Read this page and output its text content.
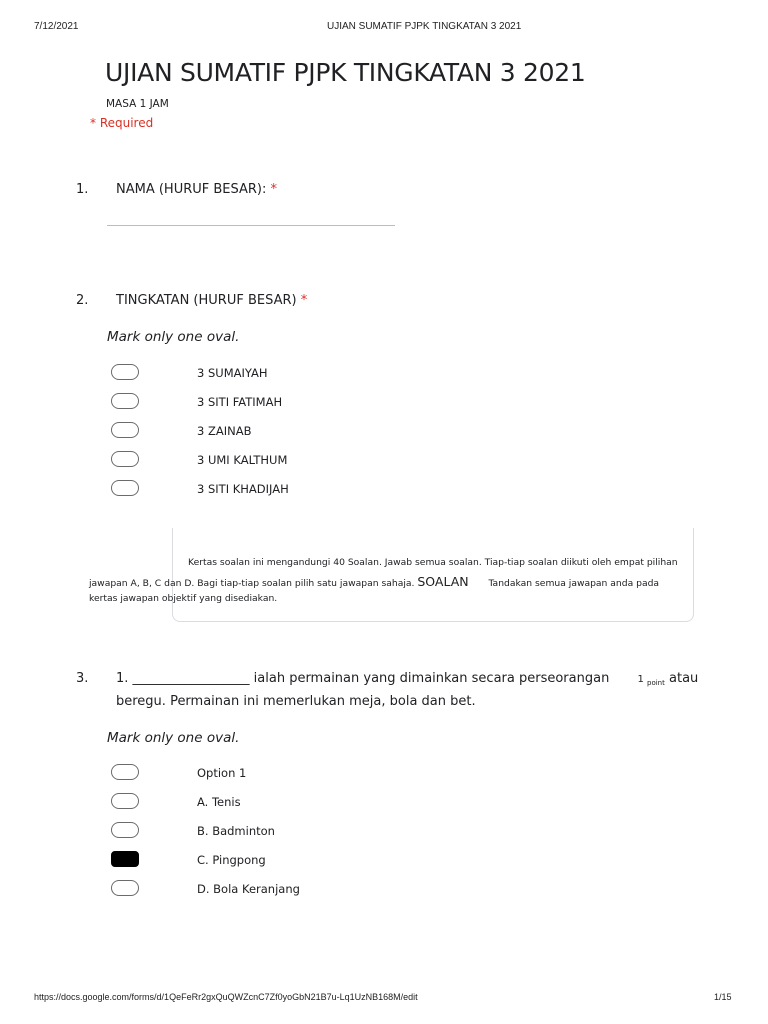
7/12/2021	UJIAN SUMATIF PJPK TINGKATAN 3 2021
UJIAN SUMATIF PJPK TINGKATAN 3 2021
MASA 1 JAM
* Required
1. NAMA (HURUF BESAR): *
2. TINGKATAN (HURUF BESAR) *
Mark only one oval.
3 SUMAIYAH
3 SITI FATIMAH
3 ZAINAB
3 UMI KALTHUM
3 SITI KHADIJAH
Kertas soalan ini mengandungi 40 Soalan. Jawab semua soalan. Tiap-tiap soalan diikuti oleh empat pilihan
jawapan A, B, C dan D. Bagi tiap-tiap soalan pilih satu jawapan sahaja. SOALAN Tandakan semua jawapan anda pada
kertas jawapan objektif yang disediakan.
3. 1. __________________ ialah permainan yang dimainkan secara perseorangan	1 $_{point}$ atau
beregu. Permainan ini memerlukan meja, bola dan bet.
Mark only one oval.
Option 1
A. Tenis
B. Badminton
C. Pingpong
D. Bola Keranjang
https://docs.google.com/forms/d/1QeFeRr2gxQuQWZcnC7Zf0yoGbN21B7u-Lq1UzNB168M/edit	1/15
